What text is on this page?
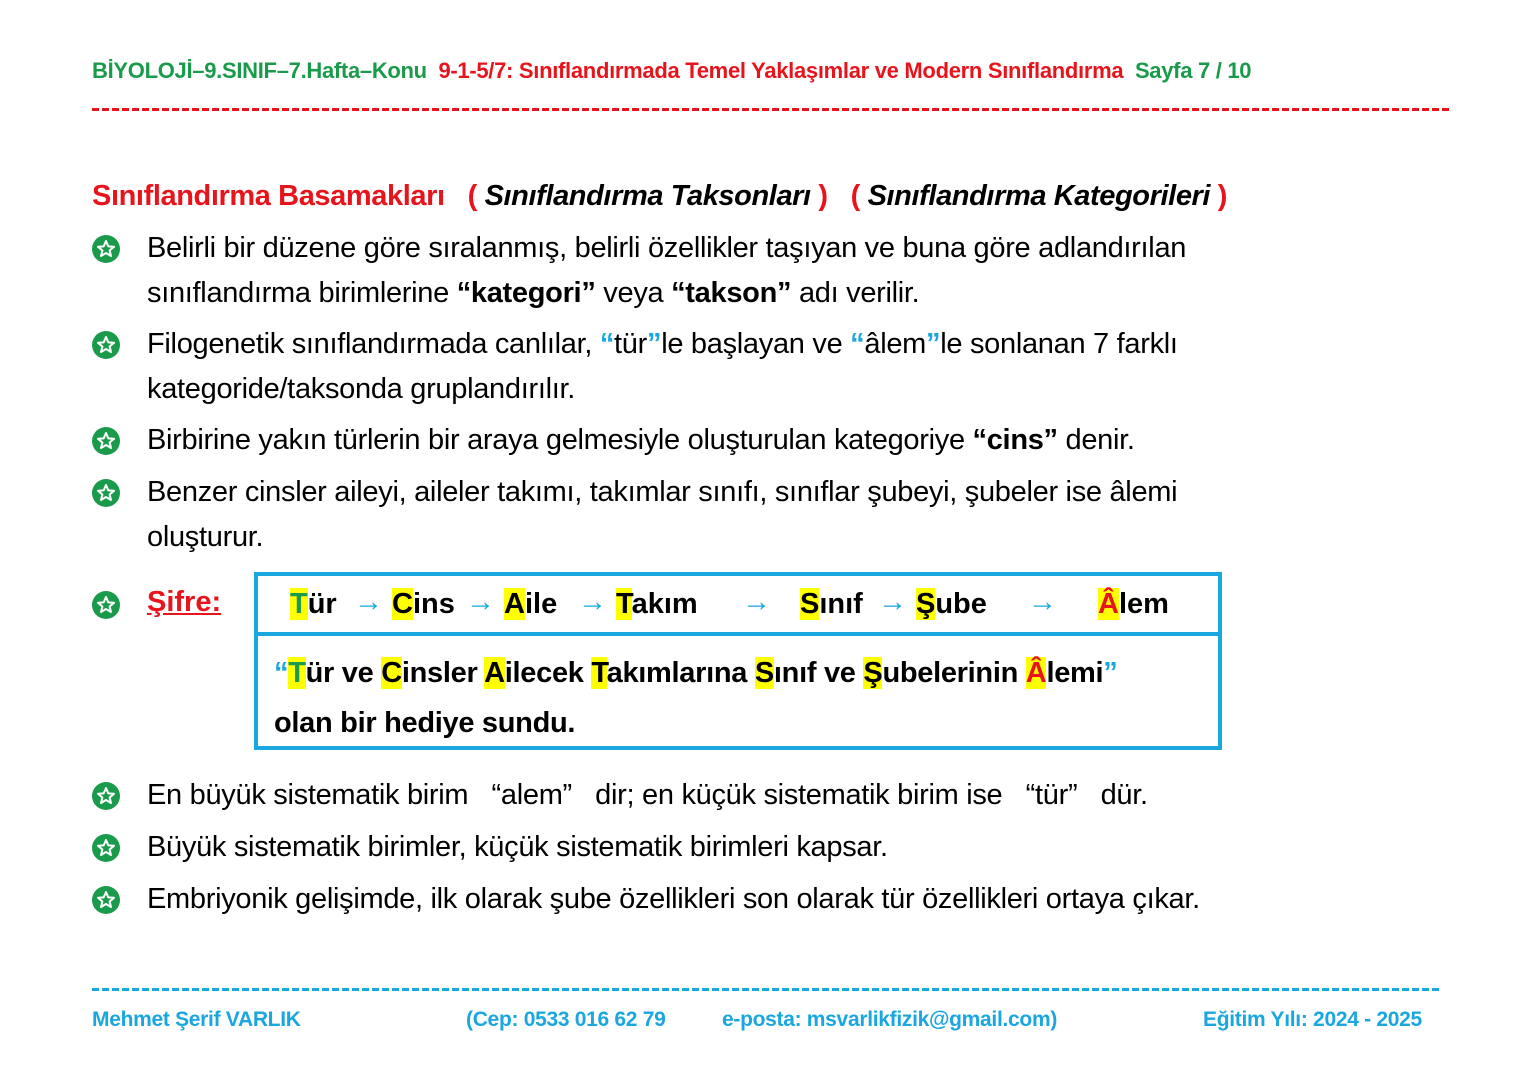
BİYOLOJİ–9.SINIF–7.Hafta–Konu 9-1-5/7: Sınıflandırmada Temel Yaklaşımlar ve Modern Sınıflandırma Sayfa 7 / 10
Sınıflandırma Basamakları ( Sınıflandırma Taksonları ) ( Sınıflandırma Kategorileri )
Belirli bir düzene göre sıralanmış, belirli özellikler taşıyan ve buna göre adlandırılan
sınıflandırma birimlerine “kategori” veya “takson” adı verilir.
Filogenetik sınıflandırmada canlılar, “tür”le başlayan ve “âlem”le sonlanan 7 farklı
kategoride/taksonda gruplandırılır.
Birbirine yakın türlerin bir araya gelmesiyle oluşturulan kategoriye “cins” denir.
Benzer cinsler aileyi, aileler takımı, takımlar sınıfı, sınıflar şubeyi, şubeler ise âlemi
oluşturur.
Şifre: Tür → Cins → Aile → Takım → Sınıf → Şube → Âlem
“Tür ve Cinsler Ailecek Takımlarına Sınıf ve Şubelerinin Âlemi”
olan bir hediye sundu.
En büyük sistematik birim   “alem”   dir; en küçük sistematik birim ise   “tür”   dür.
Büyük sistematik birimler, küçük sistematik birimleri kapsar.
Embriyonik gelişimde, ilk olarak şube özellikleri son olarak tür özellikleri ortaya çıkar.
Mehmet Şerif VARLIK	(Cep: 0533 016 62 79	e-posta: msvarlikfizik@gmail.com)	Eğitim Yılı: 2024 - 2025
